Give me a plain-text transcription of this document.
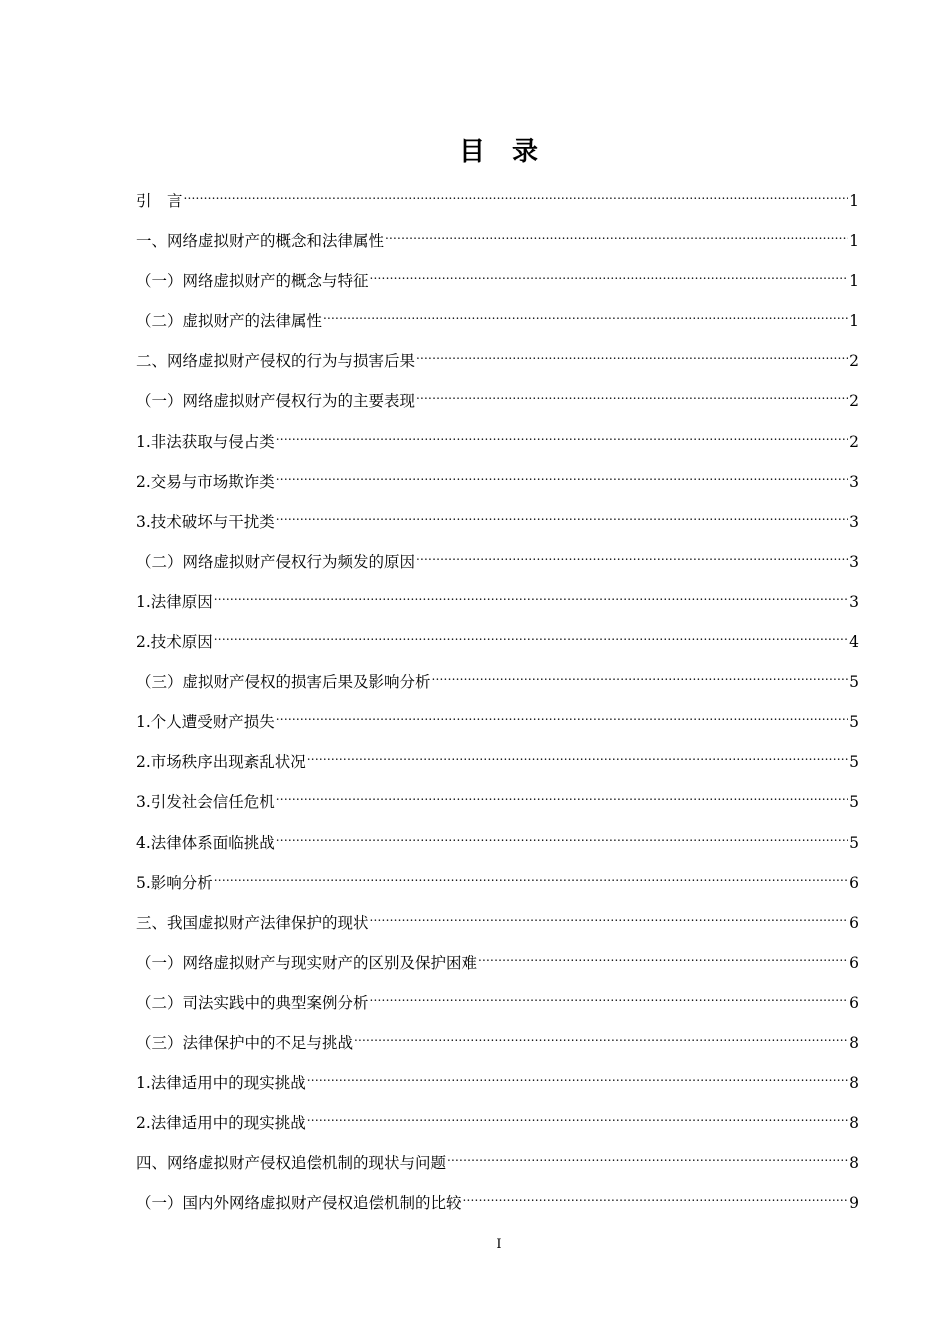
目 录
引　言 .....	1
一、网络虚拟财产的概念和法律属性 .....	1
（一）网络虚拟财产的概念与特征 .....	1
（二）虚拟财产的法律属性 .....	1
二、网络虚拟财产侵权的行为与损害后果 .....	2
（一）网络虚拟财产侵权行为的主要表现 .....	2
1.非法获取与侵占类 .....	2
2.交易与市场欺诈类 .....	3
3.技术破坏与干扰类 .....	3
（二）网络虚拟财产侵权行为频发的原因 .....	3
1.法律原因 .....	3
2.技术原因 .....	4
（三）虚拟财产侵权的损害后果及影响分析 .....	5
1.个人遭受财产损失 .....	5
2.市场秩序出现紊乱状况 .....	5
3.引发社会信任危机 .....	5
4.法律体系面临挑战 .....	5
5.影响分析 .....	6
三、我国虚拟财产法律保护的现状 .....	6
（一）网络虚拟财产与现实财产的区别及保护困难 .....	6
（二）司法实践中的典型案例分析 .....	6
（三）法律保护中的不足与挑战 .....	8
1.法律适用中的现实挑战 .....	8
2.法律适用中的现实挑战 .....	8
四、网络虚拟财产侵权追偿机制的现状与问题 .....	8
（一）国内外网络虚拟财产侵权追偿机制的比较 .....	9
I
